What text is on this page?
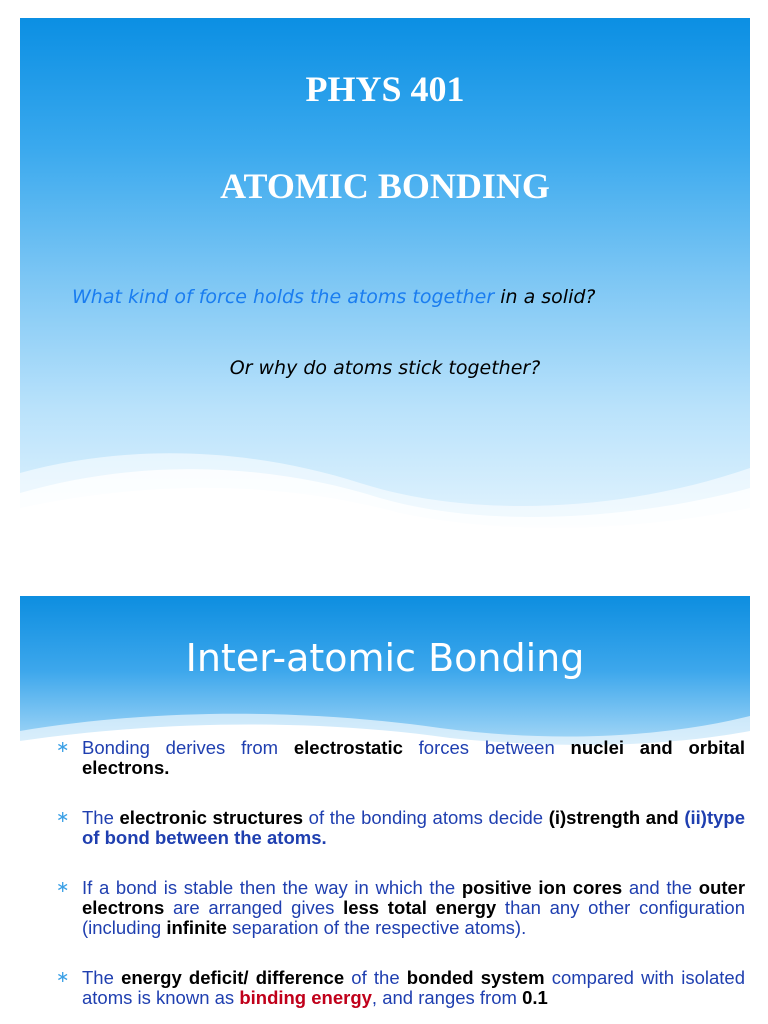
PHYS 401
ATOMIC BONDING
What kind of force holds the atoms together in a solid?
Or why do atoms stick together?
Inter-atomic Bonding
∗ Bonding derives from electrostatic forces between nuclei and orbital electrons.
∗ The electronic structures of the bonding atoms decide (i)strength and (ii)type of bond between the atoms.
∗ If a bond is stable then the way in which the positive ion cores and the outer electrons are arranged gives less total energy than any other configuration (including infinite separation of the respective atoms).
∗ The energy deficit/ difference of the bonded system compared with isolated atoms is known as binding energy, and ranges from 0.1
